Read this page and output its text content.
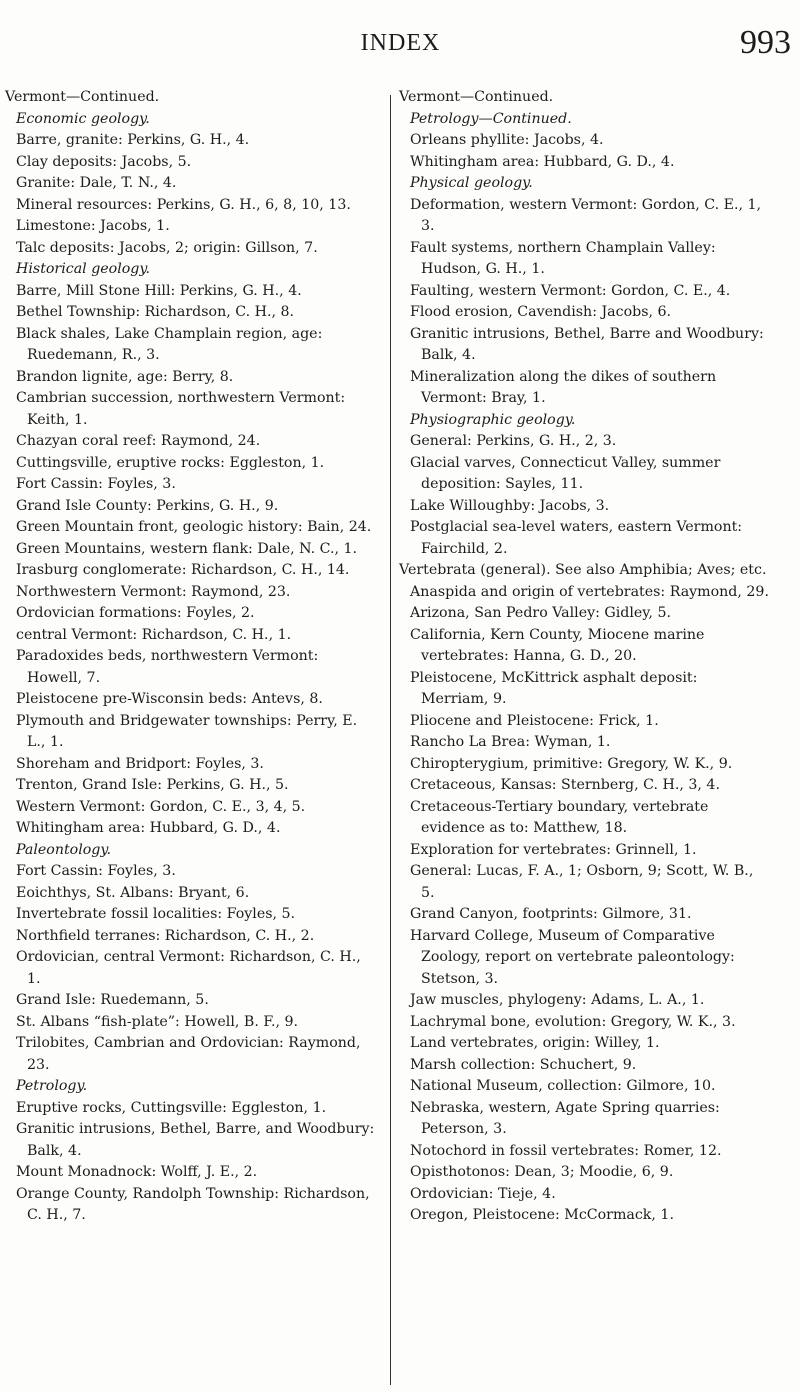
INDEX	993

Vermont—Continued.

Economic geology.

Barre, granite: Perkins, G. H., 4.

Clay deposits: Jacobs, 5.

Granite: Dale, T. N., 4.

Mineral resources: Perkins, G. H., 6, 8, 10, 13.

Limestone: Jacobs, 1.

Talc deposits: Jacobs, 2; origin: Gillson, 7.

Historical geology.

Barre, Mill Stone Hill: Perkins, G. H., 4.

Bethel Township: Richardson, C. H., 8.

Black shales, Lake Champlain region, age: Ruedemann, R., 3.

Brandon lignite, age: Berry, 8.

Cambrian succession, northwestern Vermont: Keith, 1.

Chazyan coral reef: Raymond, 24.

Cuttingsville, eruptive rocks: Eggleston, 1.

Fort Cassin: Foyles, 3.

Grand Isle County: Perkins, G. H., 9.

Green Mountain front, geologic history: Bain, 24.

Green Mountains, western flank: Dale, N. C., 1.

Irasburg conglomerate: Richardson, C. H., 14.

Northwestern Vermont: Raymond, 23.

Ordovician formations: Foyles, 2.

central Vermont: Richardson, C. H., 1.

Paradoxides beds, northwestern Vermont: Howell, 7.

Pleistocene pre-Wisconsin beds: Antevs, 8.

Plymouth and Bridgewater townships: Perry, E. L., 1.

Shoreham and Bridport: Foyles, 3.

Trenton, Grand Isle: Perkins, G. H., 5.

Western Vermont: Gordon, C. E., 3, 4, 5.

Whitingham area: Hubbard, G. D., 4.

Paleontology.

Fort Cassin: Foyles, 3.

Eoichthys, St. Albans: Bryant, 6.

Invertebrate fossil localities: Foyles, 5.

Northfield terranes: Richardson, C. H., 2.

Ordovician, central Vermont: Richardson, C. H., 1.

Grand Isle: Ruedemann, 5.

St. Albans “fish-plate”: Howell, B. F., 9.

Trilobites, Cambrian and Ordovician: Raymond, 23.

Petrology.

Eruptive rocks, Cuttingsville: Eggleston, 1.

Granitic intrusions, Bethel, Barre, and Woodbury: Balk, 4.

Mount Monadnock: Wolff, J. E., 2.

Orange County, Randolph Township: Richardson, C. H., 7.

Vermont—Continued.

Petrology—Continued.

Orleans phyllite: Jacobs, 4.

Whitingham area: Hubbard, G. D., 4.

Physical geology.

Deformation, western Vermont: Gordon, C. E., 1, 3.

Fault systems, northern Champlain Valley: Hudson, G. H., 1.

Faulting, western Vermont: Gordon, C. E., 4.

Flood erosion, Cavendish: Jacobs, 6.

Granitic intrusions, Bethel, Barre and Woodbury: Balk, 4.

Mineralization along the dikes of southern Vermont: Bray, 1.

Physiographic geology.

General: Perkins, G. H., 2, 3.

Glacial varves, Connecticut Valley, summer deposition: Sayles, 11.

Lake Willoughby: Jacobs, 3.

Postglacial sea-level waters, eastern Vermont: Fairchild, 2.

Vertebrata (general). See also Amphibia; Aves; etc.

Anaspida and origin of vertebrates: Raymond, 29.

Arizona, San Pedro Valley: Gidley, 5.

California, Kern County, Miocene marine vertebrates: Hanna, G. D., 20.

Pleistocene, McKittrick asphalt deposit: Merriam, 9.

Pliocene and Pleistocene: Frick, 1.

Rancho La Brea: Wyman, 1.

Chiropterygium, primitive: Gregory, W. K., 9.

Cretaceous, Kansas: Sternberg, C. H., 3, 4.

Cretaceous-Tertiary boundary, vertebrate evidence as to: Matthew, 18.

Exploration for vertebrates: Grinnell, 1.

General: Lucas, F. A., 1; Osborn, 9; Scott, W. B., 5.

Grand Canyon, footprints: Gilmore, 31.

Harvard College, Museum of Comparative Zoology, report on vertebrate paleontology: Stetson, 3.

Jaw muscles, phylogeny: Adams, L. A., 1.

Lachrymal bone, evolution: Gregory, W. K., 3.

Land vertebrates, origin: Willey, 1.

Marsh collection: Schuchert, 9.

National Museum, collection: Gilmore, 10.

Nebraska, western, Agate Spring quarries: Peterson, 3.

Notochord in fossil vertebrates: Romer, 12.

Opisthotonos: Dean, 3; Moodie, 6, 9.

Ordovician: Tieje, 4.

Oregon, Pleistocene: McCormack, 1.
